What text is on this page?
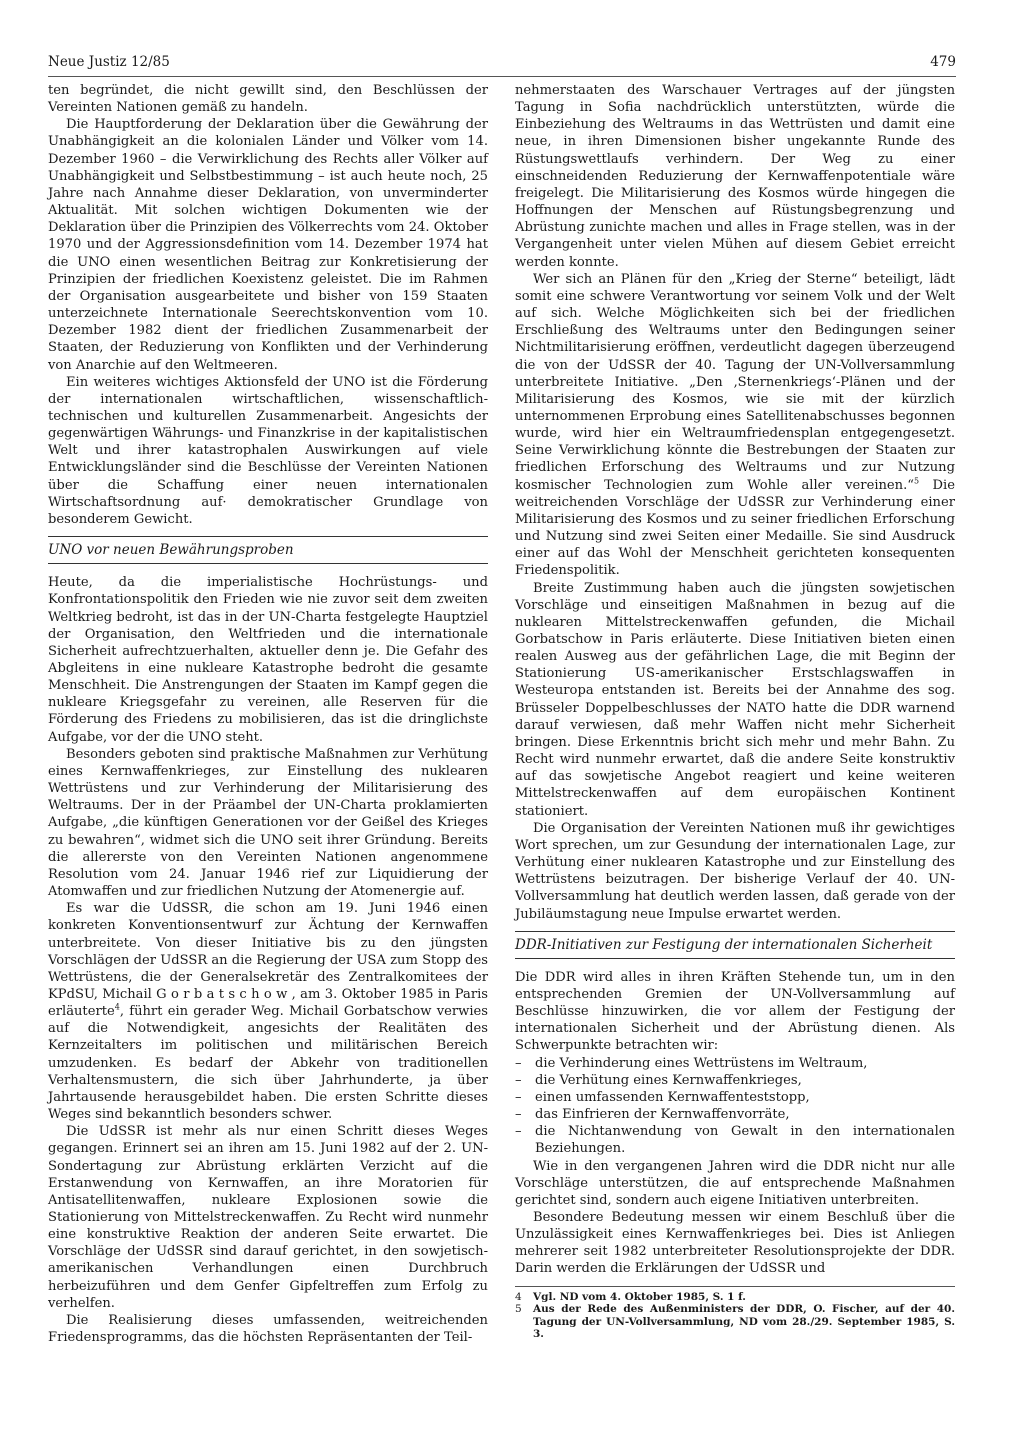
Neue Justiz 12/85	479

ten begründet, die nicht gewillt sind, den Beschlüssen der Vereinten Nationen gemäß zu handeln.

Die Hauptforderung der Deklaration über die Gewährung der Unabhängigkeit an die kolonialen Länder und Völker vom 14. Dezember 1960 – die Verwirklichung des Rechts aller Völker auf Unabhängigkeit und Selbstbestimmung – ist auch heute noch, 25 Jahre nach Annahme dieser Deklaration, von unverminderter Aktualität. Mit solchen wichtigen Dokumenten wie der Deklaration über die Prinzipien des Völkerrechts vom 24. Oktober 1970 und der Aggressionsdefinition vom 14. Dezember 1974 hat die UNO einen wesentlichen Beitrag zur Konkretisierung der Prinzipien der friedlichen Koexistenz geleistet. Die im Rahmen der Organisation ausgearbeitete und bisher von 159 Staaten unterzeichnete Internationale Seerechtskonvention vom 10. Dezember 1982 dient der friedlichen Zusammenarbeit der Staaten, der Reduzierung von Konflikten und der Verhinderung von Anarchie auf den Weltmeeren.

Ein weiteres wichtiges Aktionsfeld der UNO ist die Förderung der internationalen wirtschaftlichen, wissenschaftlich-technischen und kulturellen Zusammenarbeit. Angesichts der gegenwärtigen Währungs- und Finanzkrise in der kapitalistischen Welt und ihrer katastrophalen Auswirkungen auf viele Entwicklungsländer sind die Beschlüsse der Vereinten Nationen über die Schaffung einer neuen internationalen Wirtschaftsordnung auf· demokratischer Grundlage von besonderem Gewicht.

UNO vor neuen Bewährungsproben

Heute, da die imperialistische Hochrüstungs- und Konfrontationspolitik den Frieden wie nie zuvor seit dem zweiten Weltkrieg bedroht, ist das in der UN-Charta festgelegte Hauptziel der Organisation, den Weltfrieden und die internationale Sicherheit aufrechtzuerhalten, aktueller denn je. Die Gefahr des Abgleitens in eine nukleare Katastrophe bedroht die gesamte Menschheit. Die Anstrengungen der Staaten im Kampf gegen die nukleare Kriegsgefahr zu vereinen, alle Reserven für die Förderung des Friedens zu mobilisieren, das ist die dringlichste Aufgabe, vor der die UNO steht.

Besonders geboten sind praktische Maßnahmen zur Verhütung eines Kernwaffenkrieges, zur Einstellung des nuklearen Wettrüstens und zur Verhinderung der Militarisierung des Weltraums. Der in der Präambel der UN-Charta proklamierten Aufgabe, „die künftigen Generationen vor der Geißel des Krieges zu bewahren“, widmet sich die UNO seit ihrer Gründung. Bereits die allererste von den Vereinten Nationen angenommene Resolution vom 24. Januar 1946 rief zur Liquidierung der Atomwaffen und zur friedlichen Nutzung der Atomenergie auf.

Es war die UdSSR, die schon am 19. Juni 1946 einen konkreten Konventionsentwurf zur Ächtung der Kernwaffen unterbreitete. Von dieser Initiative bis zu den jüngsten Vorschlägen der UdSSR an die Regierung der USA zum Stopp des Wettrüstens, die der Generalsekretär des Zentralkomitees der KPdSU, Michail G o r b a t s c h o w , am 3. Oktober 1985 in Paris erläuterte$^4$, führt ein gerader Weg. Michail Gorbatschow verwies auf die Notwendigkeit, angesichts der Realitäten des Kernzeitalters im politischen und militärischen Bereich umzudenken. Es bedarf der Abkehr von traditionellen Verhaltensmustern, die sich über Jahrhunderte, ja über Jahrtausende herausgebildet haben. Die ersten Schritte dieses Weges sind bekanntlich besonders schwer.

Die UdSSR ist mehr als nur einen Schritt dieses Weges gegangen. Erinnert sei an ihren am 15. Juni 1982 auf der 2. UN-Sondertagung zur Abrüstung erklärten Verzicht auf die Erstanwendung von Kernwaffen, an ihre Moratorien für Antisatellitenwaffen, nukleare Explosionen sowie die Stationierung von Mittelstreckenwaffen. Zu Recht wird nunmehr eine konstruktive Reaktion der anderen Seite erwartet. Die Vorschläge der UdSSR sind darauf gerichtet, in den sowjetisch-amerikanischen Verhandlungen einen Durchbruch herbeizuführen und dem Genfer Gipfeltreffen zum Erfolg zu verhelfen.

Die Realisierung dieses umfassenden, weitreichenden Friedensprogramms, das die höchsten Repräsentanten der Teil-

nehmerstaaten des Warschauer Vertrages auf der jüngsten Tagung in Sofia nachdrücklich unterstützten, würde die Einbeziehung des Weltraums in das Wettrüsten und damit eine neue, in ihren Dimensionen bisher ungekannte Runde des Rüstungswettlaufs verhindern. Der Weg zu einer einschneidenden Reduzierung der Kernwaffenpotentiale wäre freigelegt. Die Militarisierung des Kosmos würde hingegen die Hoffnungen der Menschen auf Rüstungsbegrenzung und Abrüstung zunichte machen und alles in Frage stellen, was in der Vergangenheit unter vielen Mühen auf diesem Gebiet erreicht werden konnte.

Wer sich an Plänen für den „Krieg der Sterne“ beteiligt, lädt somit eine schwere Verantwortung vor seinem Volk und der Welt auf sich. Welche Möglichkeiten sich bei der friedlichen Erschließung des Weltraums unter den Bedingungen seiner Nichtmilitarisierung eröffnen, verdeutlicht dagegen überzeugend die von der UdSSR der 40. Tagung der UN-Vollversammlung unterbreitete Initiative. „Den ‚Sternenkriegs‘-Plänen und der Militarisierung des Kosmos, wie sie mit der kürzlich unternommenen Erprobung eines Satellitenabschusses begonnen wurde, wird hier ein Weltraumfriedensplan entgegengesetzt. Seine Verwirklichung könnte die Bestrebungen der Staaten zur friedlichen Erforschung des Weltraums und zur Nutzung kosmischer Technologien zum Wohle aller vereinen.“$^5$ Die weitreichenden Vorschläge der UdSSR zur Verhinderung einer Militarisierung des Kosmos und zu seiner friedlichen Erforschung und Nutzung sind zwei Seiten einer Medaille. Sie sind Ausdruck einer auf das Wohl der Menschheit gerichteten konsequenten Friedenspolitik.

Breite Zustimmung haben auch die jüngsten sowjetischen Vorschläge und einseitigen Maßnahmen in bezug auf die nuklearen Mittelstreckenwaffen gefunden, die Michail Gorbatschow in Paris erläuterte. Diese Initiativen bieten einen realen Ausweg aus der gefährlichen Lage, die mit Beginn der Stationierung US-amerikanischer Erstschlagswaffen in Westeuropa entstanden ist. Bereits bei der Annahme des sog. Brüsseler Doppelbeschlusses der NATO hatte die DDR warnend darauf verwiesen, daß mehr Waffen nicht mehr Sicherheit bringen. Diese Erkenntnis bricht sich mehr und mehr Bahn. Zu Recht wird nunmehr erwartet, daß die andere Seite konstruktiv auf das sowjetische Angebot reagiert und keine weiteren Mittelstreckenwaffen auf dem europäischen Kontinent stationiert.

Die Organisation der Vereinten Nationen muß ihr gewichtiges Wort sprechen, um zur Gesundung der internationalen Lage, zur Verhütung einer nuklearen Katastrophe und zur Einstellung des Wettrüstens beizutragen. Der bisherige Verlauf der 40. UN-Vollversammlung hat deutlich werden lassen, daß gerade von der Jubiläumstagung neue Impulse erwartet werden.

DDR-Initiativen zur Festigung der internationalen Sicherheit

Die DDR wird alles in ihren Kräften Stehende tun, um in den entsprechenden Gremien der UN-Vollversammlung auf Beschlüsse hinzuwirken, die vor allem der Festigung der internationalen Sicherheit und der Abrüstung dienen. Als Schwerpunkte betrachten wir:

– die Verhinderung eines Wettrüstens im Weltraum,
– die Verhütung eines Kernwaffenkrieges,
– einen umfassenden Kernwaffenteststopp,
– das Einfrieren der Kernwaffenvorräte,
– die Nichtanwendung von Gewalt in den internationalen Beziehungen.

Wie in den vergangenen Jahren wird die DDR nicht nur alle Vorschläge unterstützen, die auf entsprechende Maßnahmen gerichtet sind, sondern auch eigene Initiativen unterbreiten.

Besondere Bedeutung messen wir einem Beschluß über die Unzulässigkeit eines Kernwaffenkrieges bei. Dies ist Anliegen mehrerer seit 1982 unterbreiteter Resolutionsprojekte der DDR. Darin werden die Erklärungen der UdSSR und

4 Vgl. ND vom 4. Oktober 1985, S. 1 f.
5 Aus der Rede des Außenministers der DDR, O. Fischer, auf der 40. Tagung der UN-Vollversammlung, ND vom 28./29. September 1985, S. 3.
